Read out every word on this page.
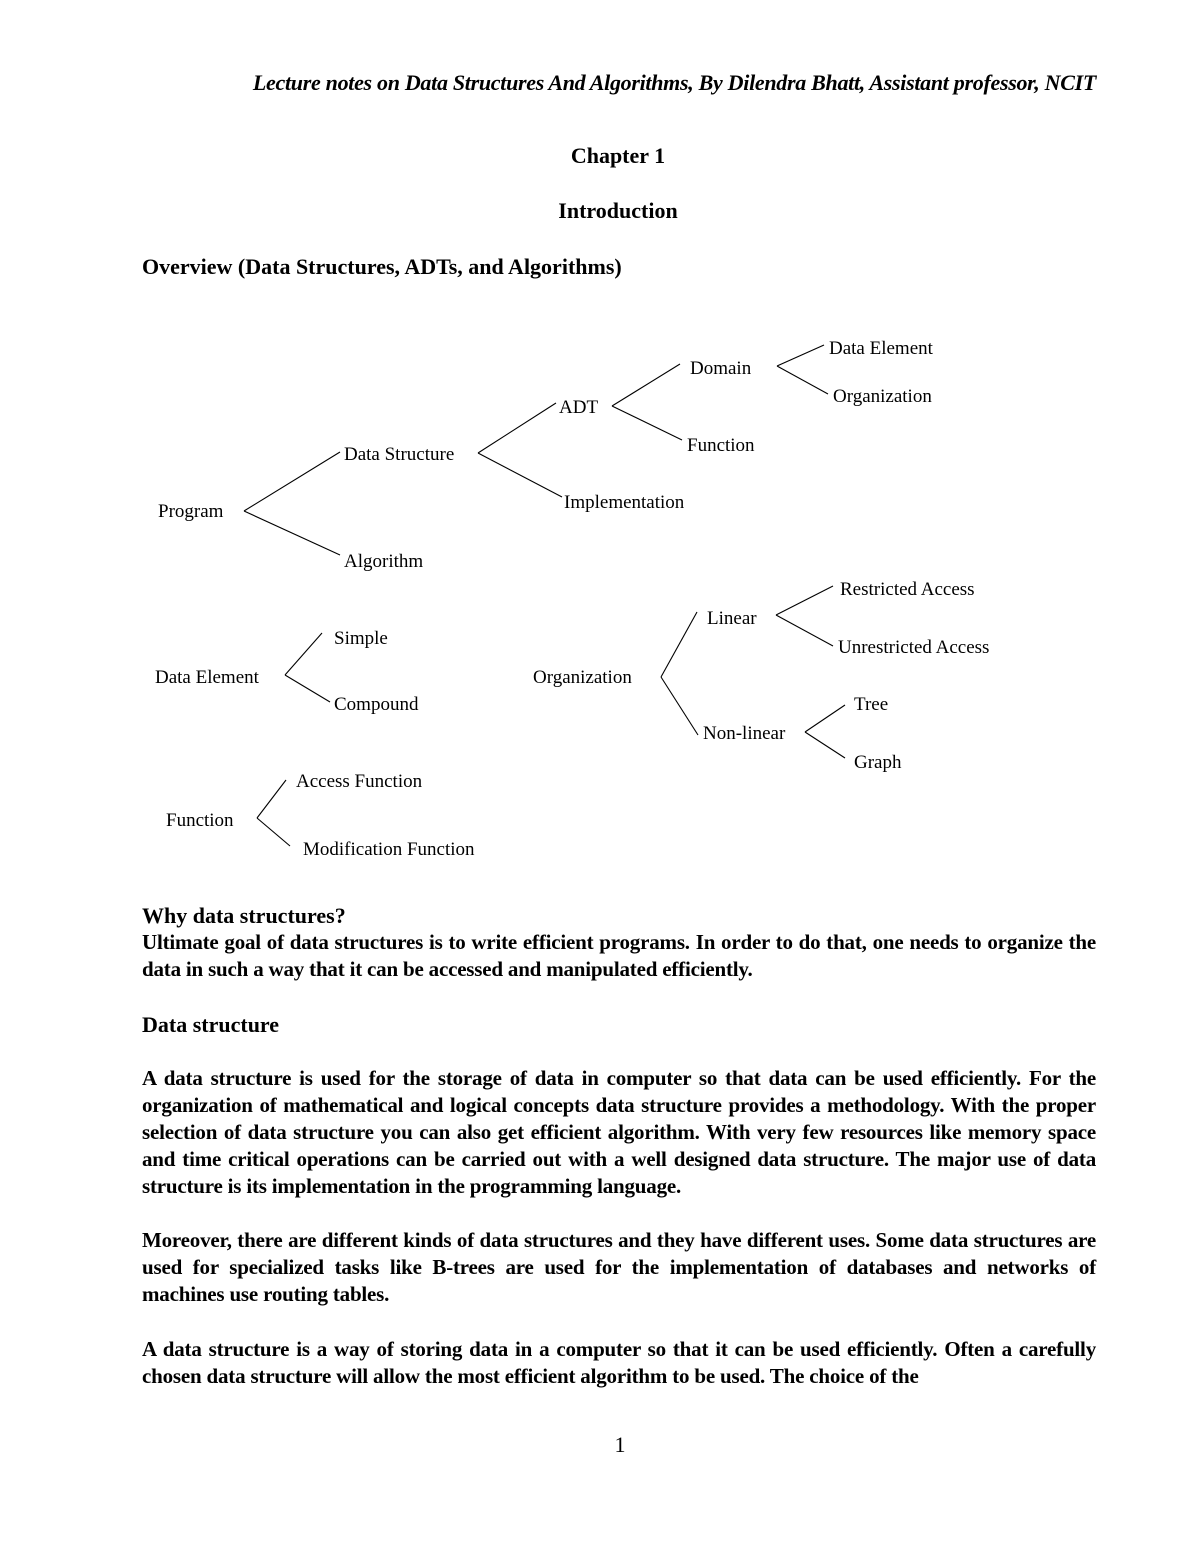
Lecture notes on Data Structures And Algorithms, By Dilendra Bhatt, Assistant professor, NCIT
Chapter 1
Introduction
Overview (Data Structures, ADTs, and Algorithms)
Program
Data Structure
Algorithm
ADT
Implementation
Domain
Function
Data Element
Organization
Data Element
Simple
Compound
Organization
Linear
Non-linear
Restricted Access
Unrestricted Access
Tree
Graph
Function
Access Function
Modification Function
Why data structures?

Ultimate goal of data structures is to write efficient programs. In order to do that, one needs to organize the data in such a way that it can be accessed and manipulated efficiently.

Data structure

A data structure is used for the storage of data in computer so that data can be used efficiently. For the organization of mathematical and logical concepts data structure provides a methodology. With the proper selection of data structure you can also get efficient algorithm. With very few resources like memory space and time critical operations can be carried out with a well designed data structure. The major use of data structure is its implementation in the programming language.

Moreover, there are different kinds of data structures and they have different uses. Some data structures are used for specialized tasks like B-trees are used for the implementation of databases and networks of machines use routing tables.

A data structure is a way of storing data in a computer so that it can be used efficiently. Often a carefully chosen data structure will allow the most efficient algorithm to be used. The choice of the

1
